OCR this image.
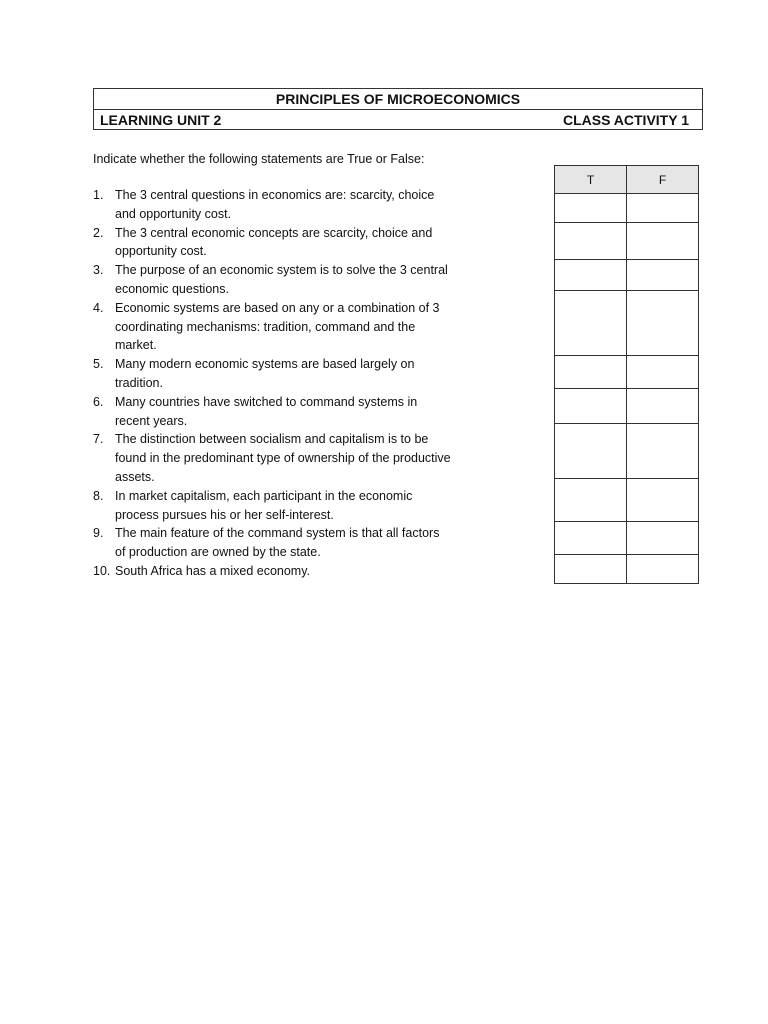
PRINCIPLES OF MICROECONOMICS
LEARNING UNIT 2	CLASS ACTIVITY 1
Indicate whether the following statements are True or False:
1. The 3 central questions in economics are: scarcity, choice and opportunity cost.
2. The 3 central economic concepts are scarcity, choice and opportunity cost.
3. The purpose of an economic system is to solve the 3 central economic questions.
4. Economic systems are based on any or a combination of 3 coordinating mechanisms: tradition, command and the market.
5. Many modern economic systems are based largely on tradition.
6. Many countries have switched to command systems in recent years.
7. The distinction between socialism and capitalism is to be found in the predominant type of ownership of the productive assets.
8. In market capitalism, each participant in the economic process pursues his or her self-interest.
9. The main feature of the command system is that all factors of production are owned by the state.
10. South Africa has a mixed economy.
T	F
